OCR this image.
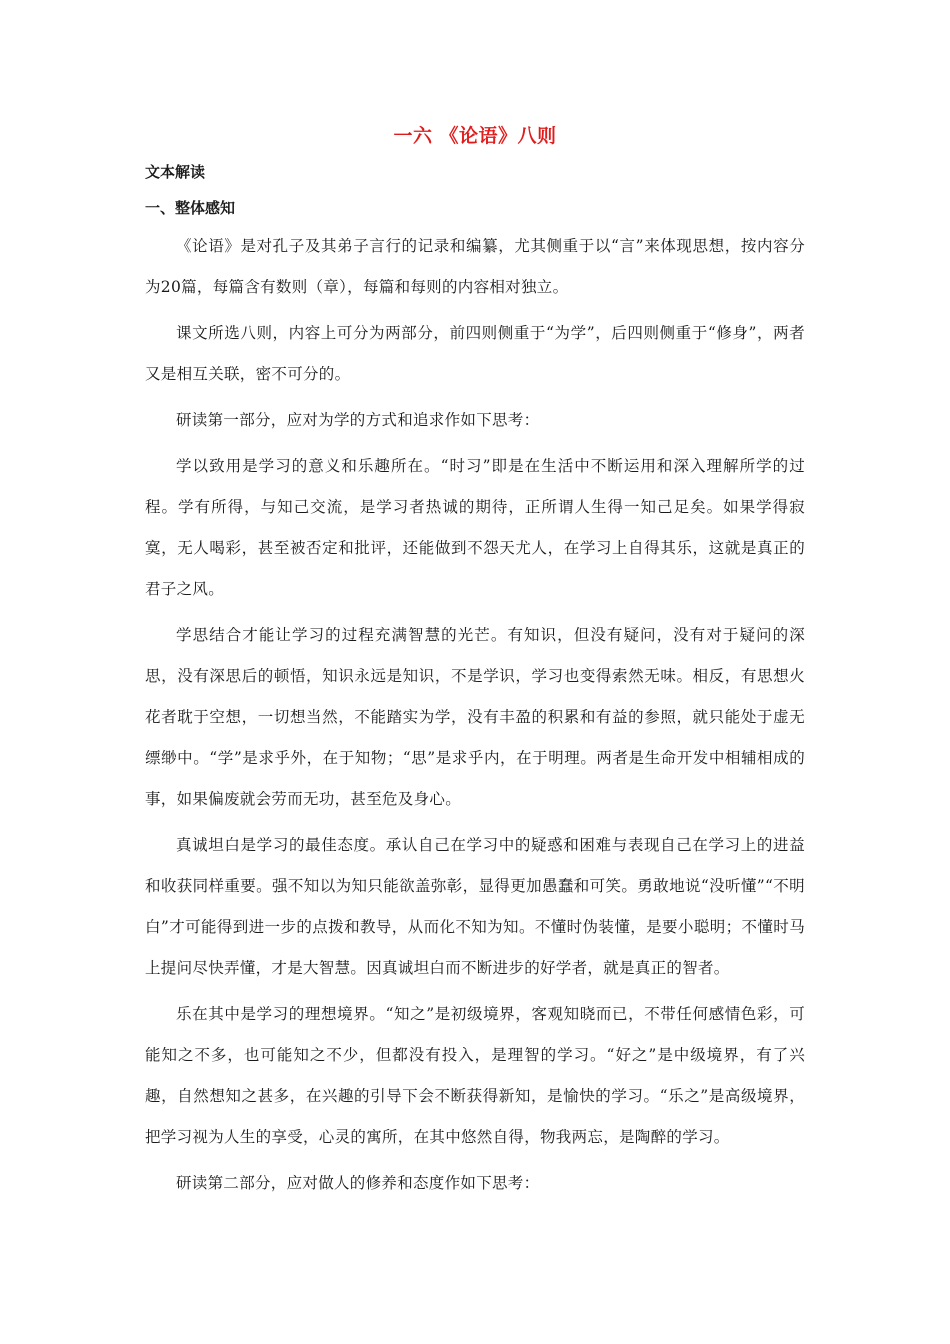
一六 《论语》八则
文本解读
一、整体感知

《论语》是对孔子及其弟子言行的记录和编纂，尤其侧重于以“言”来体现思想，按内容分为20篇，每篇含有数则（章），每篇和每则的内容相对独立。

课文所选八则，内容上可分为两部分，前四则侧重于“为学”，后四则侧重于“修身”，两者又是相互关联，密不可分的。

研读第一部分，应对为学的方式和追求作如下思考：

学以致用是学习的意义和乐趣所在。“时习”即是在生活中不断运用和深入理解所学的过程。学有所得，与知己交流，是学习者热诚的期待，正所谓人生得一知己足矣。如果学得寂寞，无人喝彩，甚至被否定和批评，还能做到不怨天尤人，在学习上自得其乐，这就是真正的君子之风。

学思结合才能让学习的过程充满智慧的光芒。有知识，但没有疑问，没有对于疑问的深思，没有深思后的顿悟，知识永远是知识，不是学识，学习也变得索然无味。相反，有思想火花者耽于空想，一切想当然，不能踏实为学，没有丰盈的积累和有益的参照，就只能处于虚无缥缈中。“学”是求乎外，在于知物；“思”是求乎内，在于明理。两者是生命开发中相辅相成的事，如果偏废就会劳而无功，甚至危及身心。

真诚坦白是学习的最佳态度。承认自己在学习中的疑惑和困难与表现自己在学习上的进益和收获同样重要。强不知以为知只能欲盖弥彰，显得更加愚蠢和可笑。勇敢地说“没听懂”“不明白”才可能得到进一步的点拨和教导，从而化不知为知。不懂时伪装懂，是要小聪明；不懂时马上提问尽快弄懂，才是大智慧。因真诚坦白而不断进步的好学者，就是真正的智者。

乐在其中是学习的理想境界。“知之”是初级境界，客观知晓而已，不带任何感情色彩，可能知之不多，也可能知之不少，但都没有投入，是理智的学习。“好之”是中级境界，有了兴趣，自然想知之甚多，在兴趣的引导下会不断获得新知，是愉快的学习。“乐之”是高级境界，把学习视为人生的享受，心灵的寓所，在其中悠然自得，物我两忘，是陶醉的学习。

研读第二部分，应对做人的修养和态度作如下思考：
